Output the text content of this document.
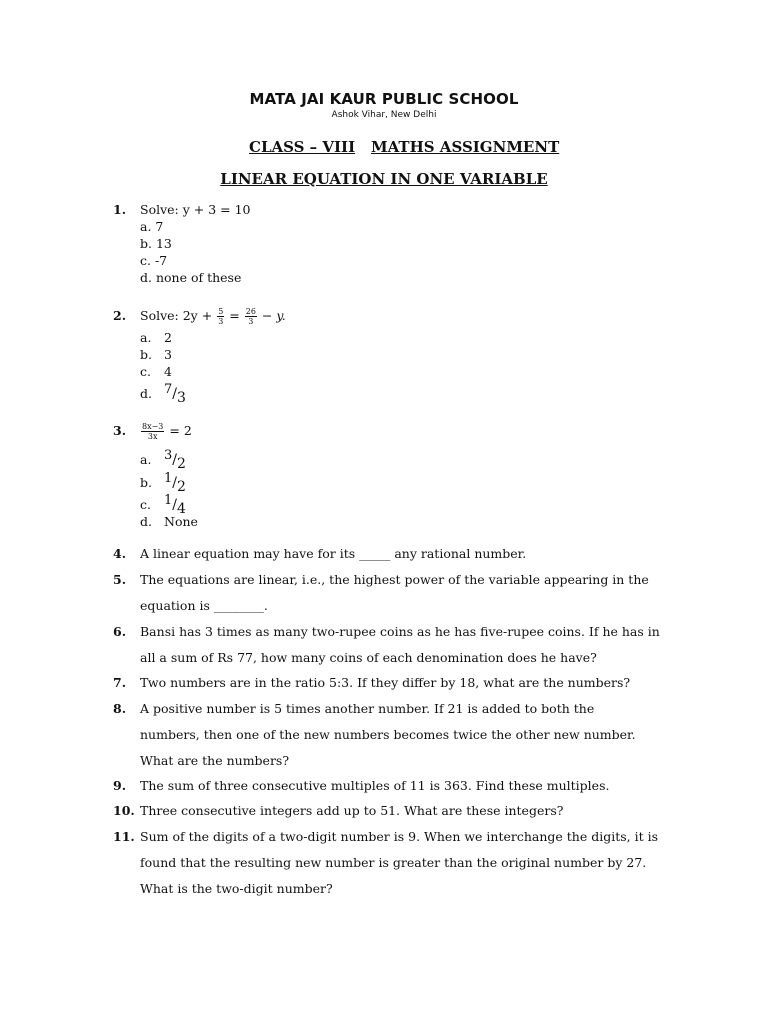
MATA JAI KAUR PUBLIC SCHOOL
Ashok Vihar, New Delhi
CLASS – VIII MATHS ASSIGNMENT
LINEAR EQUATION IN ONE VARIABLE
1. Solve: y + 3 = 10
a. 7
b. 13
c. -7
d. none of these
2. Solve: $2y + \frac{5}{3} = \frac{26}{3} - y$.
a. 2
b. 3
c. 4
d. 7/3
3. $\frac{8x-3}{3x} = 2$
a. 3/2
b. 1/2
c. 1/4
d. None
4. A linear equation may have for its _____ any rational number.
5. The equations are linear, i.e., the highest power of the variable appearing in the
equation is ________.
6. Bansi has 3 times as many two-rupee coins as he has five-rupee coins. If he has in
all a sum of Rs 77, how many coins of each denomination does he have?
7. Two numbers are in the ratio 5:3. If they differ by 18, what are the numbers?
8. A positive number is 5 times another number. If 21 is added to both the
numbers, then one of the new numbers becomes twice the other new number.
What are the numbers?
9. The sum of three consecutive multiples of 11 is 363. Find these multiples.
10. Three consecutive integers add up to 51. What are these integers?
11. Sum of the digits of a two-digit number is 9. When we interchange the digits, it is
found that the resulting new number is greater than the original number by 27.
What is the two-digit number?
